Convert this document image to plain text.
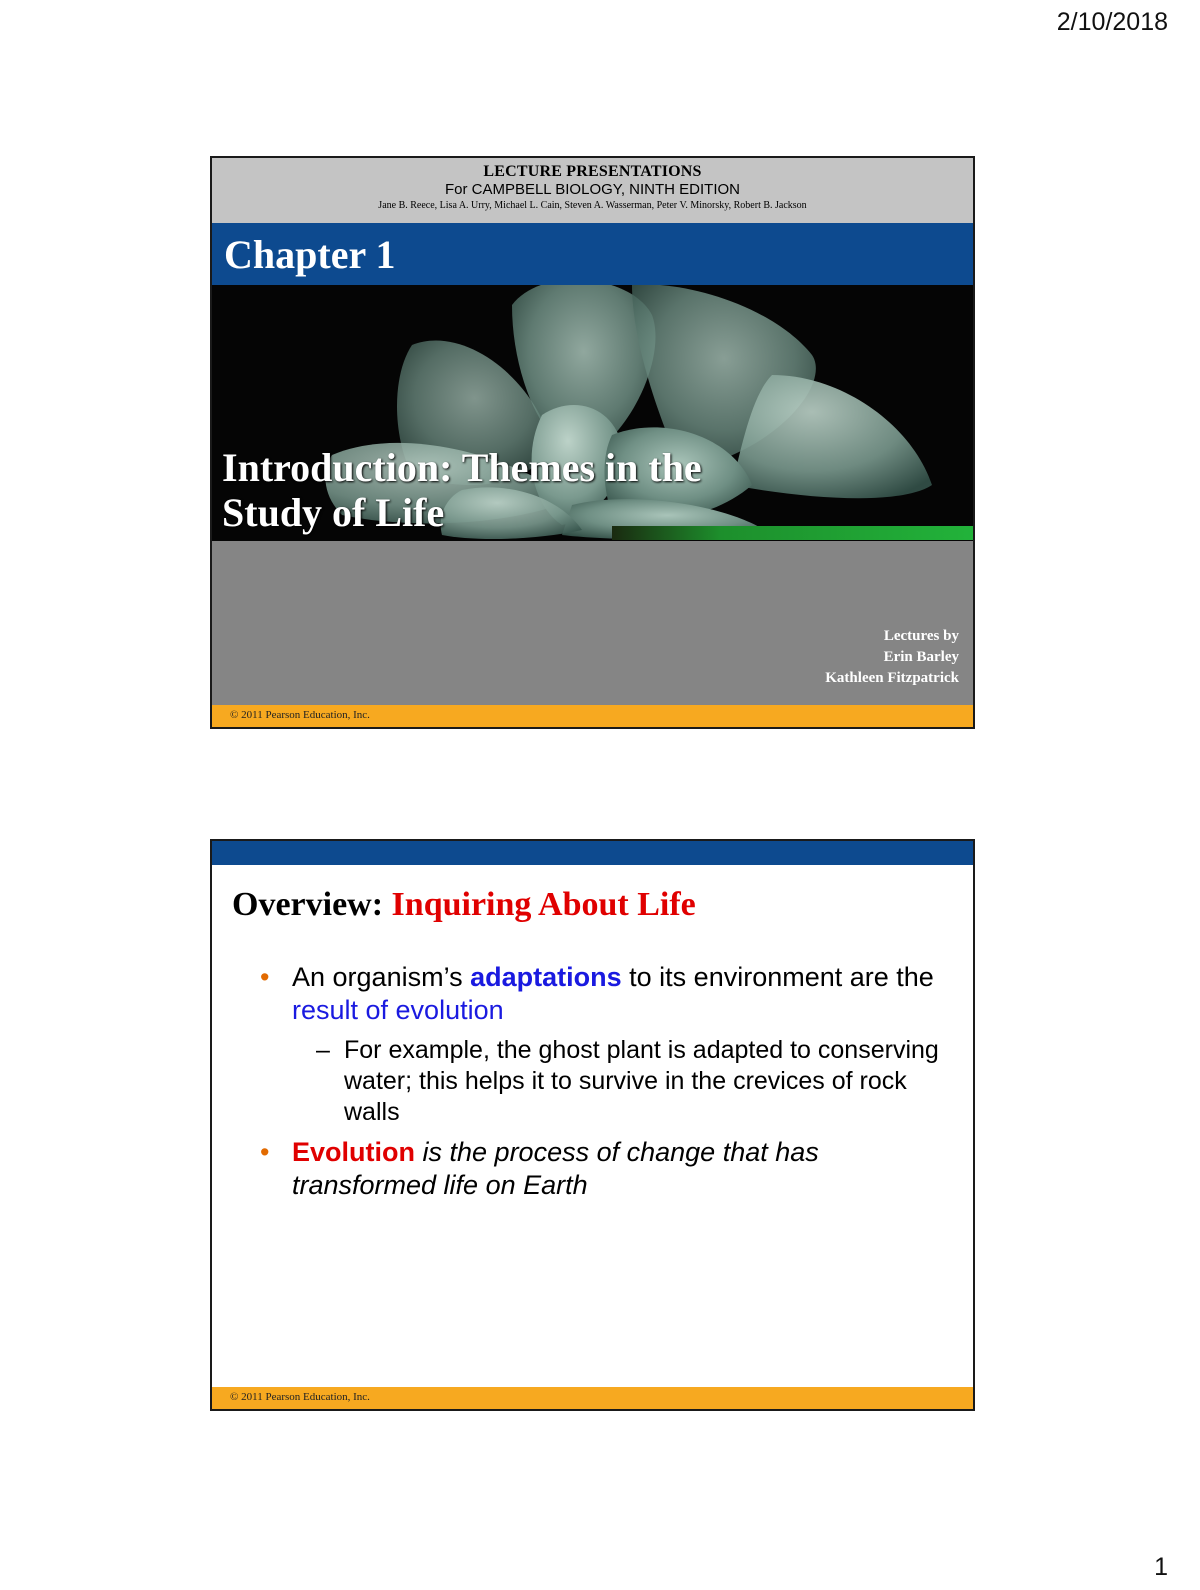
2/10/2018
LECTURE PRESENTATIONS
For CAMPBELL BIOLOGY, NINTH EDITION
Jane B. Reece, Lisa A. Urry, Michael L. Cain, Steven A. Wasserman, Peter V. Minorsky, Robert B. Jackson
Chapter 1
Introduction: Themes in the
Study of Life
Lectures by
Erin Barley
Kathleen Fitzpatrick
© 2011 Pearson Education, Inc.
Overview: Inquiring About Life
• An organism’s adaptations to its environment are the result of evolution
– For example, the ghost plant is adapted to conserving water; this helps it to survive in the crevices of rock walls
• Evolution is the process of change that has transformed life on Earth
© 2011 Pearson Education, Inc.
1
